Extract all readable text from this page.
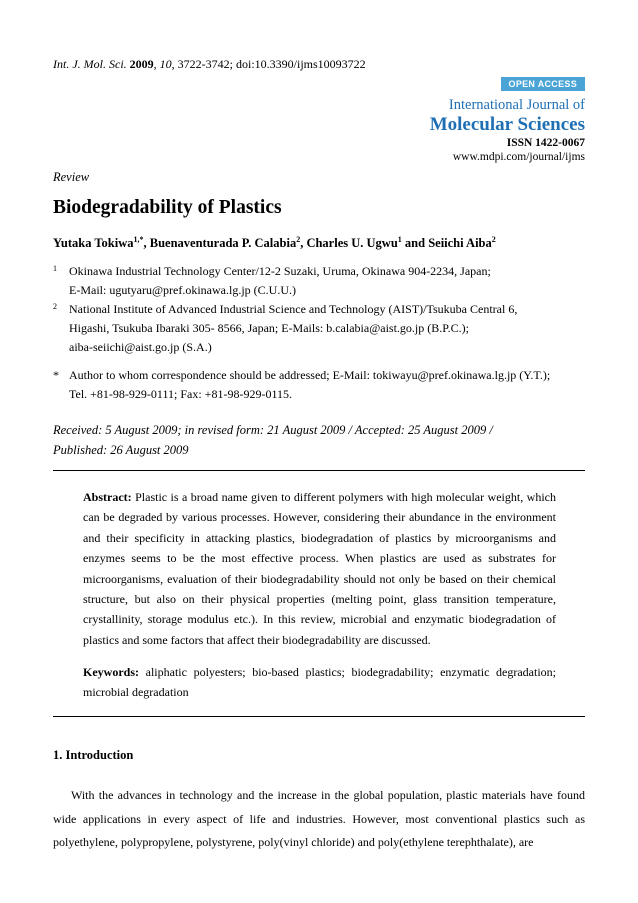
Int. J. Mol. Sci. 2009, 10, 3722-3742; doi:10.3390/ijms10093722
OPEN ACCESS
International Journal of
Molecular Sciences
ISSN 1422-0067
www.mdpi.com/journal/ijms
Review
Biodegradability of Plastics
Yutaka Tokiwa$^{1,*}$, Buenaventurada P. Calabia$^2$, Charles U. Ugwu$^1$ and Seiichi Aiba$^2$
1 Okinawa Industrial Technology Center/12-2 Suzaki, Uruma, Okinawa 904-2234, Japan;
E-Mail: ugutyaru@pref.okinawa.lg.jp (C.U.U.)
2 National Institute of Advanced Industrial Science and Technology (AIST)/Tsukuba Central 6,
Higashi, Tsukuba Ibaraki 305- 8566, Japan; E-Mails: b.calabia@aist.go.jp (B.P.C.);
aiba-seiichi@aist.go.jp (S.A.)
* Author to whom correspondence should be addressed; E-Mail: tokiwayu@pref.okinawa.lg.jp (Y.T.);
Tel. +81-98-929-0111; Fax: +81-98-929-0115.
Received: 5 August 2009; in revised form: 21 August 2009 / Accepted: 25 August 2009 /
Published: 26 August 2009
Abstract: Plastic is a broad name given to different polymers with high molecular weight, which can be degraded by various processes. However, considering their abundance in the environment and their specificity in attacking plastics, biodegradation of plastics by microorganisms and enzymes seems to be the most effective process. When plastics are used as substrates for microorganisms, evaluation of their biodegradability should not only be based on their chemical structure, but also on their physical properties (melting point, glass transition temperature, crystallinity, storage modulus etc.). In this review, microbial and enzymatic biodegradation of plastics and some factors that affect their biodegradability are discussed.
Keywords: aliphatic polyesters; bio-based plastics; biodegradability; enzymatic degradation; microbial degradation
1. Introduction

With the advances in technology and the increase in the global population, plastic materials have found wide applications in every aspect of life and industries. However, most conventional plastics such as polyethylene, polypropylene, polystyrene, poly(vinyl chloride) and poly(ethylene terephthalate), are
